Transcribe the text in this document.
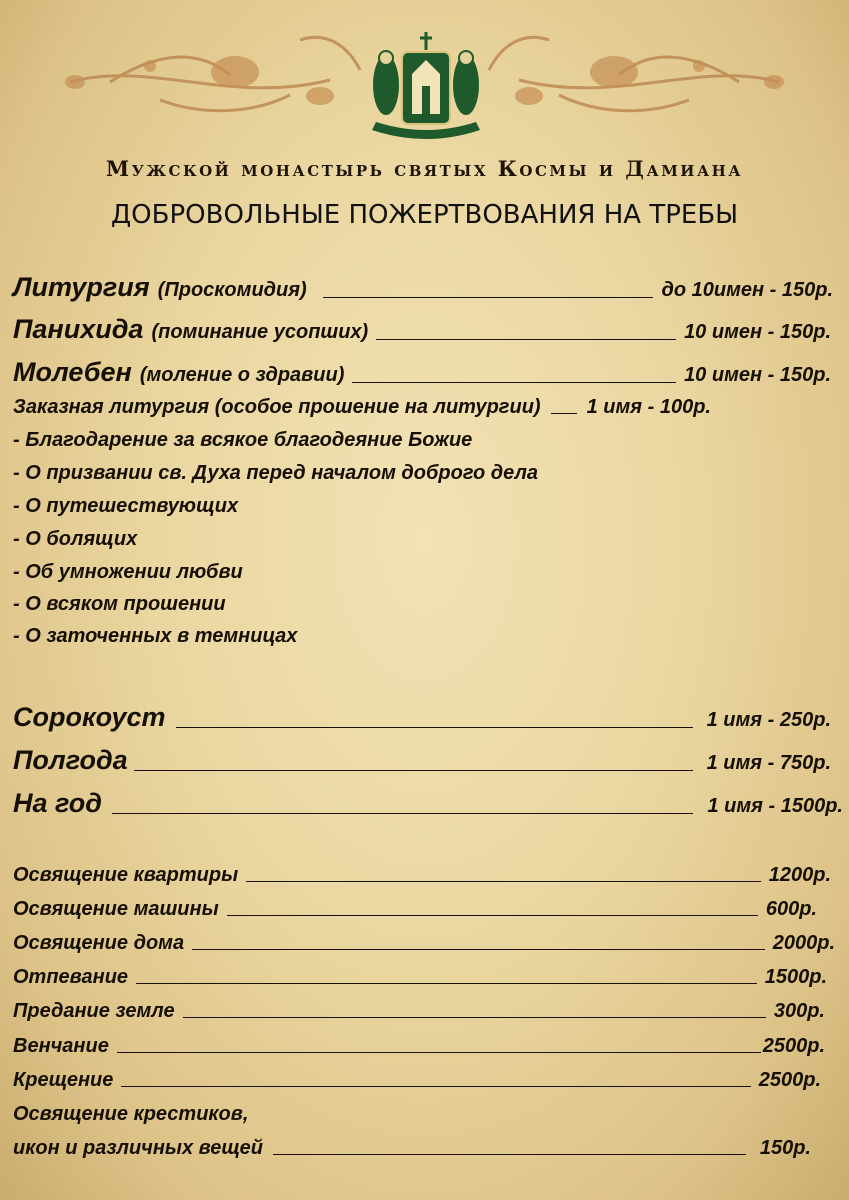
Мужской монастырь святых Космы и Дамиана
ДОБРОВОЛЬНЫЕ ПОЖЕРТВОВАНИЯ НА ТРЕБЫ
Литургия (Проскомидия)	до 10имен - 150р.
Панихида (поминание усопших)	10 имен - 150р.
Молебен (моление о здравии)	10 имен - 150р.
Заказная литургия (особое прошение на литургии) 1 имя - 100р.
- Благодарение за всякое благодеяние Божие
- О призвании св. Духа перед началом доброго дела
- О путешествующих
- О болящих
- Об умножении любви
- О всяком прошении
- О заточенных в темницах
Сорокоуст	1 имя - 250р.
Полгода	1 имя - 750р.
На год	1 имя - 1500р.
Освящение квартиры	1200р.
Освящение машины	600р.
Освящение дома	2000р.
Отпевание	1500р.
Предание земле	300р.
Венчание	2500р.
Крещение	2500р.
Освящение крестиков,
икон и различных вещей	150р.
